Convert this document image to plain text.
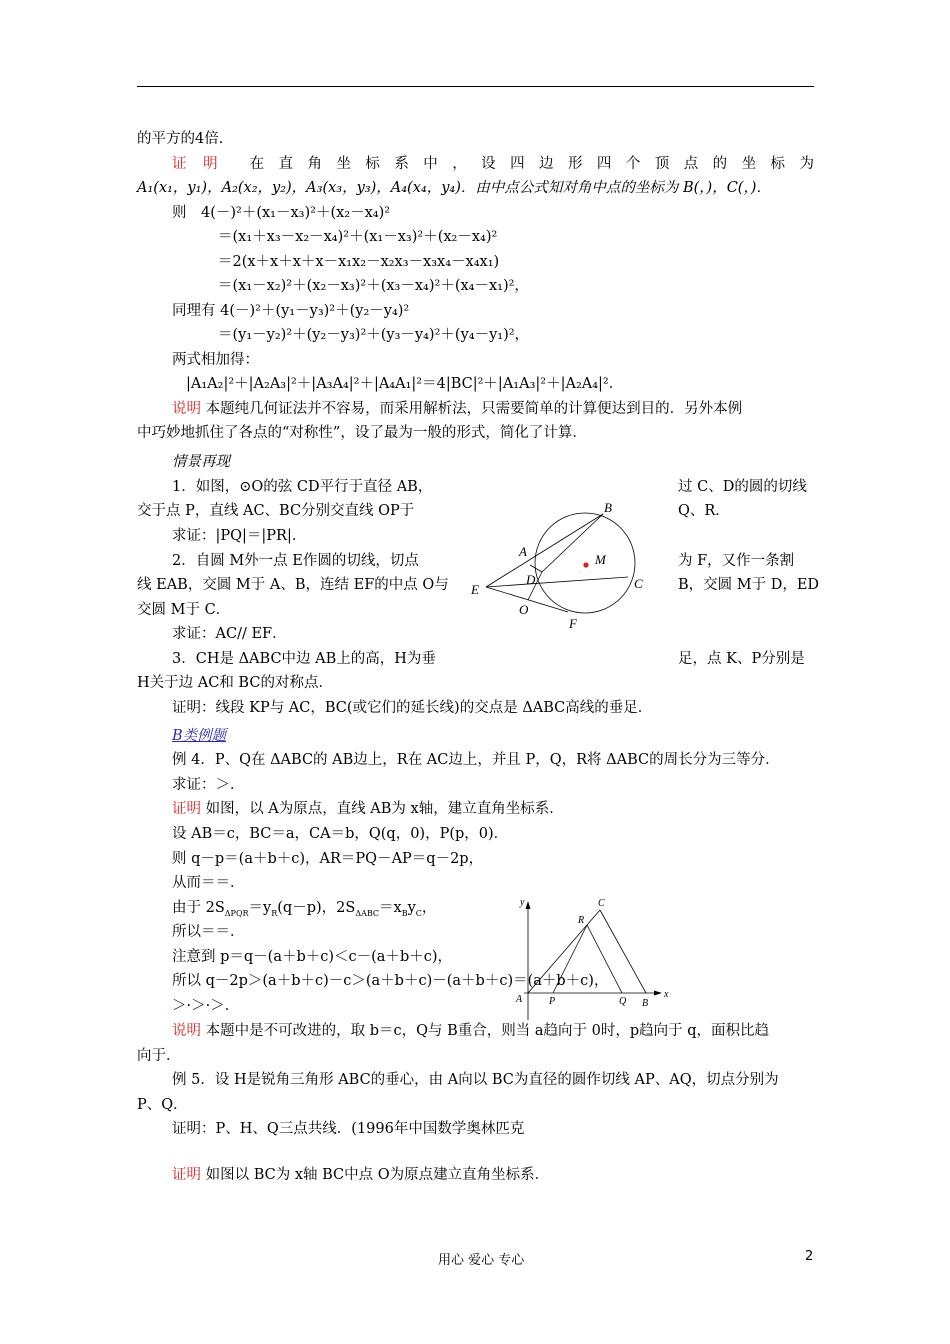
的平方的4倍．
证 明 在直角坐标系中，设四边形四个顶点的坐标为
A₁(x₁，y₁)，A₂(x₂，y₂)，A₃(x₃，y₃)，A₄(x₄，y₄)．由中点公式知对角中点的坐标为 B(，)，C(，)．
则　4(－)²＋(x₁－x₃)²＋(x₂－x₄)²
＝(x₁＋x₃－x₂－x₄)²＋(x₁－x₃)²＋(x₂－x₄)²
＝2(x＋x＋x＋x－x₁x₂－x₂x₃－x₃x₄－x₄x₁)
＝(x₁－x₂)²＋(x₂－x₃)²＋(x₃－x₄)²＋(x₄－x₁)²，
同理有 4(－)²＋(y₁－y₃)²＋(y₂－y₄)²
＝(y₁－y₂)²＋(y₂－y₃)²＋(y₃－y₄)²＋(y₄－y₁)²，
两式相加得：
|A₁A₂|²＋|A₂A₃|²＋|A₃A₄|²＋|A₄A₁|²＝4|BC|²＋|A₁A₃|²＋|A₂A₄|²．
说明 本题纯几何证法并不容易，而采用解析法，只需要简单的计算便达到目的．另外本例
中巧妙地抓住了各点的“对称性”，设了最为一般的形式，简化了计算．
情景再现
1．如图，⊙O的弦 CD平行于直径 AB，	过 C、D的圆的切线
交于点 P，直线 AC、BC分别交直线 OP于	Q、R．
求证：|PQ|＝|PR|．
2．自圆 M外一点 E作圆的切线，切点	为 F，又作一条割
线 EAB，交圆 M于 A、B，连结 EF的中点 O与	B，交圆 M于 D，ED
交圆 M于 C．
求证：AC// EF．
3．CH是 ΔABC中边 AB上的高，H为垂	足，点 K、P分别是
H关于边 AC和 BC的对称点．
证明：线段 KP与 AC，BC(或它们的延长线)的交点是 ΔABC高线的垂足．
B
A
M
D	C
E
O
F
B类例题
例 4．P、Q在 ΔABC的 AB边上，R在 AC边上，并且 P，Q，R将 ΔABC的周长分为三等分．
求证：＞．
证明 如图，以 A为原点，直线 AB为 x轴，建立直角坐标系．
设 AB＝c，BC＝a，CA＝b，Q(q，0)，P(p，0)．
则 q－p＝(a＋b＋c)，AR＝PQ－AP＝q－2p，
从而＝＝．
由于 $2S_{\Delta PQR}=y_R(q-p)$，$2S_{\Delta ABC}=x_By_C$，
所以＝＝．
注意到 p＝q－(a＋b＋c)＜c－(a＋b＋c)，
所以 q－2p＞(a＋b＋c)－c＞(a＋b＋c)－(a＋b＋c)＝(a＋b＋c)，
＞·＞·＞．
y	C
R
A	P	Q B
x
说明 本题中是不可改进的，取 b＝c，Q与 B重合，则当 a趋向于 0时，p趋向于 q，面积比趋
向于．
例 5．设 H是锐角三角形 ABC的垂心，由 A向以 BC为直径的圆作切线 AP、AQ，切点分别为
P、Q．
证明：P、H、Q三点共线．(1996年中国数学奥林匹克
证明 如图以 BC为 x轴 BC中点 O为原点建立直角坐标系．
用心 爱心 专心	2
